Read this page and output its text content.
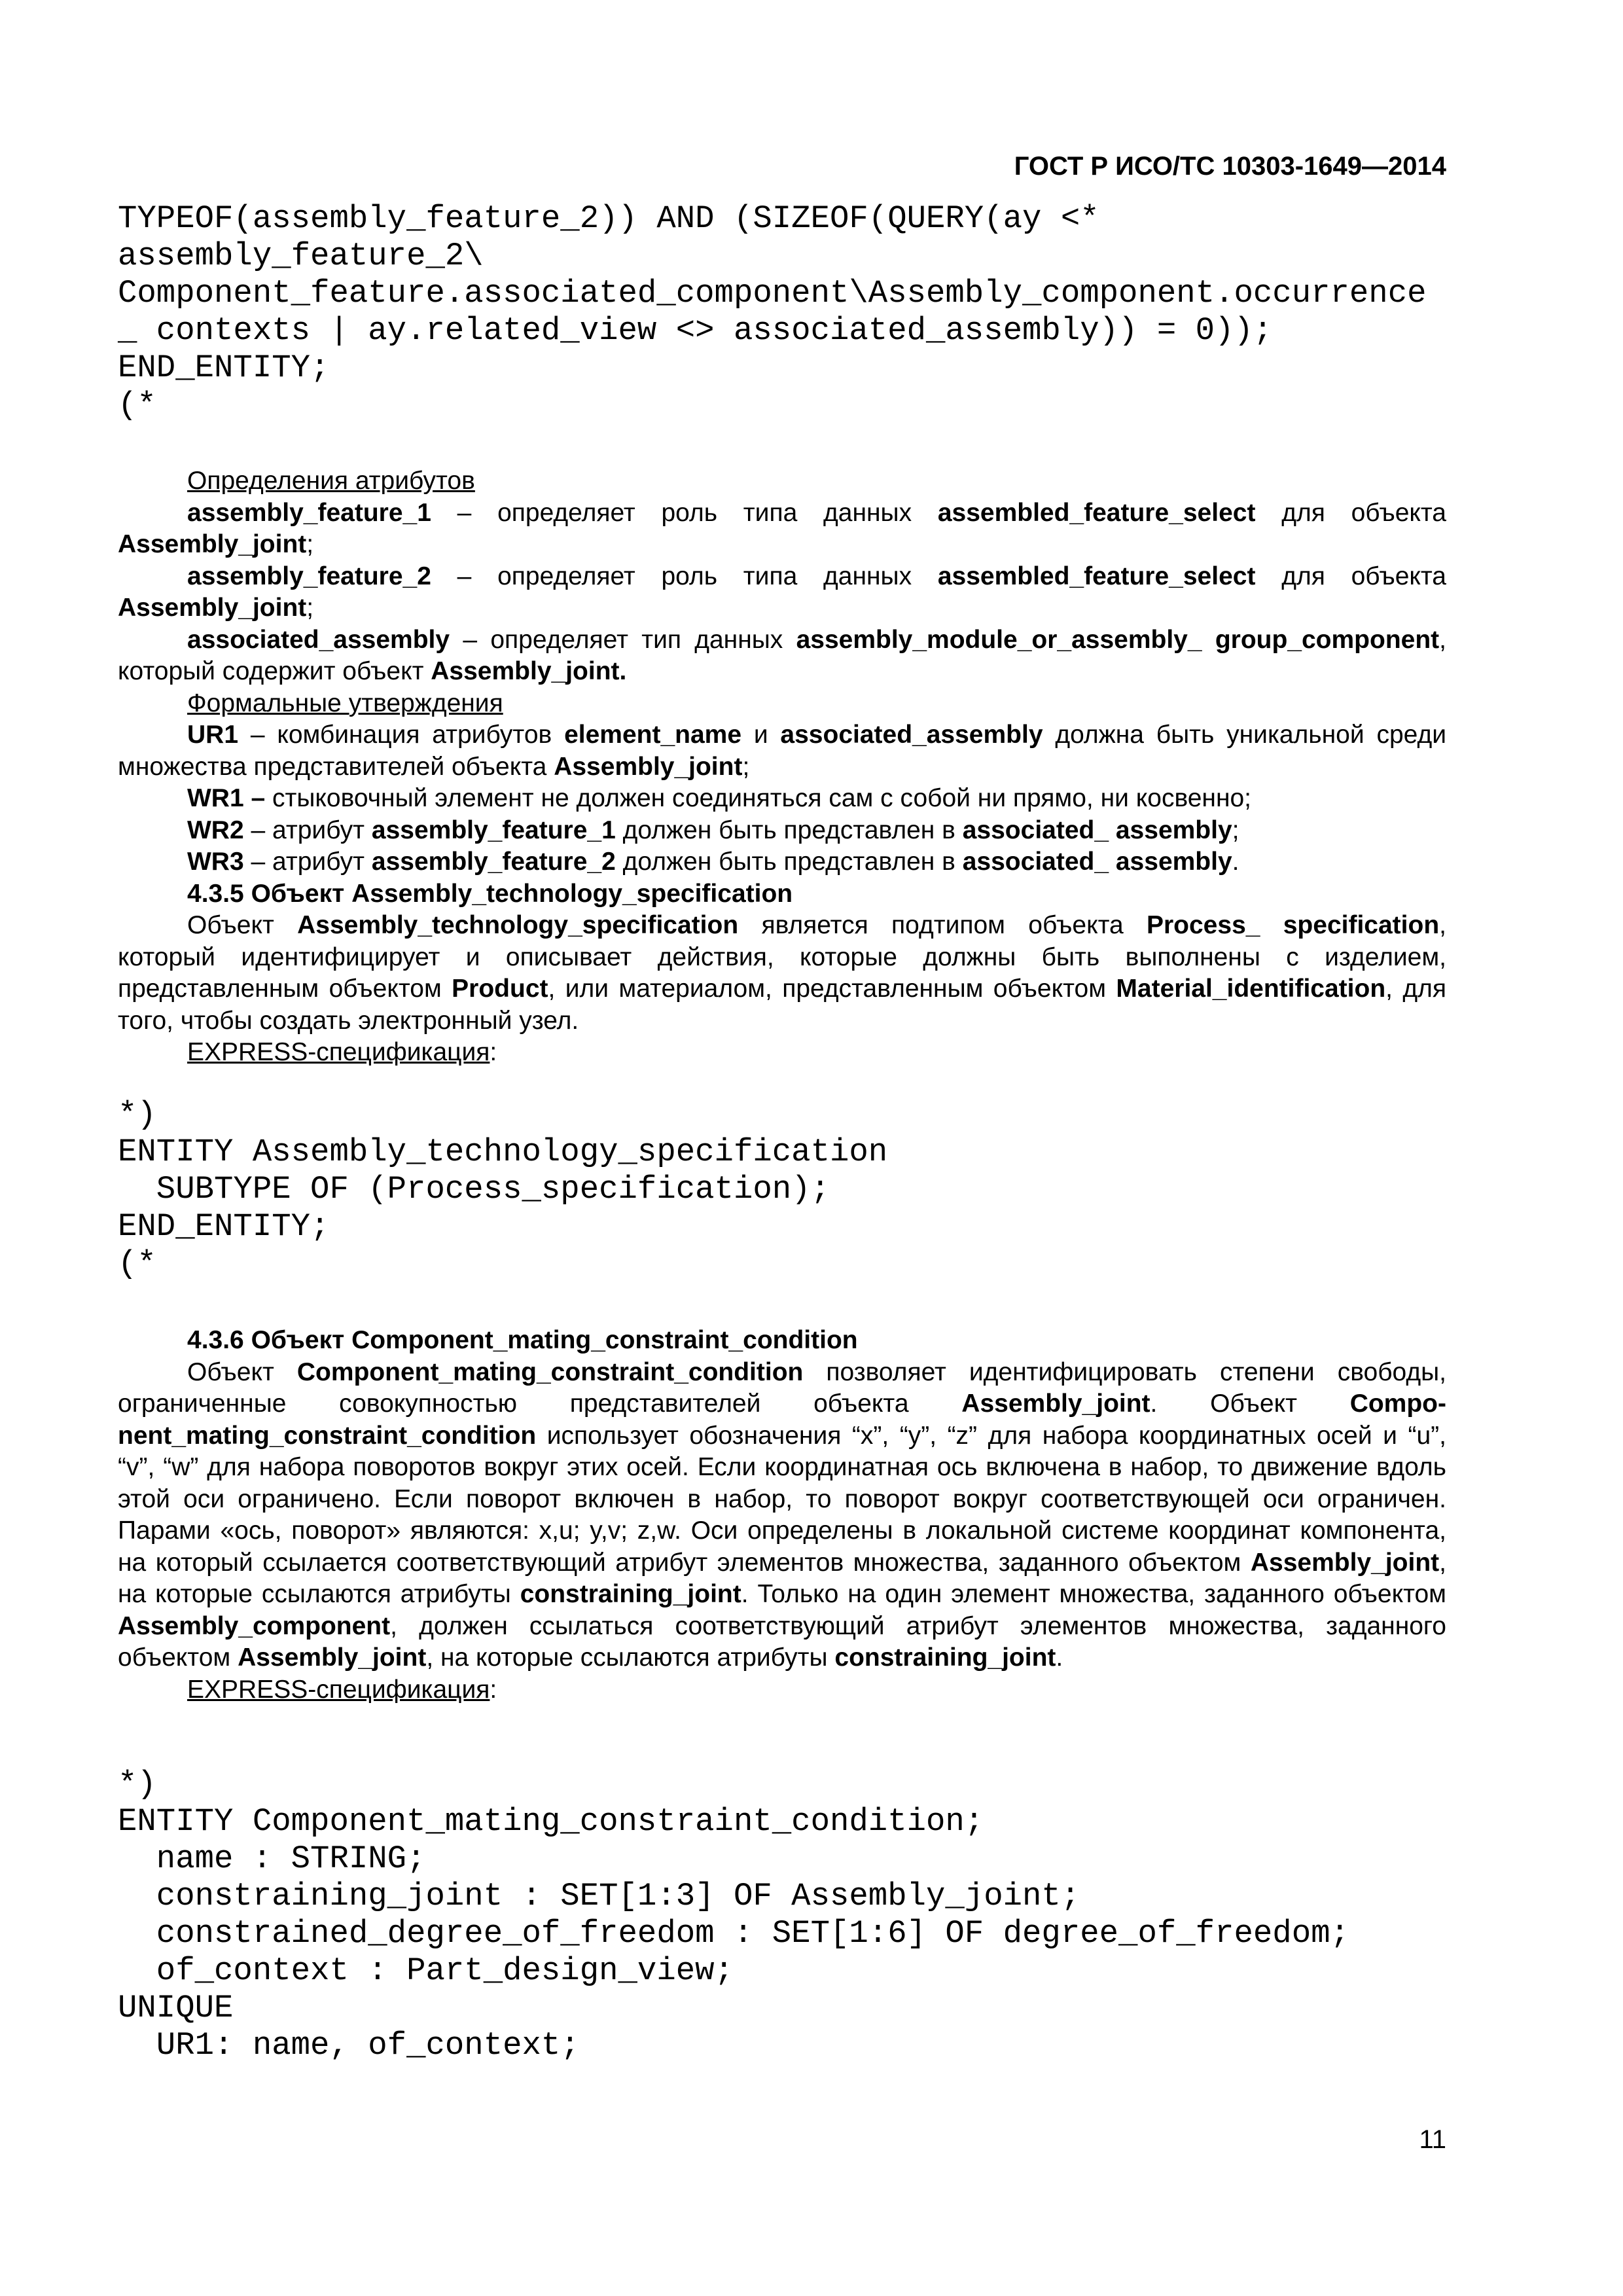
ГОСТ Р ИСО/ТС 10303-1649—2014
TYPEOF(assembly_feature_2)) AND (SIZEOF(QUERY(ay <*
assembly_feature_2\
Component_feature.associated_component\Assembly_component.occurrence
_ contexts | ay.related_view <> associated_assembly)) = 0));
END_ENTITY;
(*

Определения атрибутов

assembly_feature_1 – определяет роль типа данных assembled_feature_select для объекта Assembly_joint;

assembly_feature_2 – определяет роль типа данных assembled_feature_select для объекта Assembly_joint;

associated_assembly – определяет тип данных assembly_module_or_assembly_ group_component, который содержит объект Assembly_joint.

Формальные утверждения

UR1 – комбинация атрибутов element_name и associated_assembly должна быть уникальной среди множества представителей объекта Assembly_joint;

WR1 – стыковочный элемент не должен соединяться сам с собой ни прямо, ни косвенно;

WR2 – атрибут assembly_feature_1 должен быть представлен в associated_ assembly;

WR3 – атрибут assembly_feature_2 должен быть представлен в associated_ assembly.

4.3.5 Объект Assembly_technology_specification

Объект Assembly_technology_specification является подтипом объекта Process_ specification, который идентифицирует и описывает действия, которые должны быть выполнены с изделием, представленным объектом Product, или материалом, представленным объектом Material_identification, для того, чтобы создать электронный узел.

EXPRESS-спецификация:

*)
ENTITY Assembly_technology_specification
SUBTYPE OF (Process_specification);
END_ENTITY;
(*

4.3.6 Объект Component_mating_constraint_condition

Объект Component_mating_constraint_condition позволяет идентифицировать степени свободы, ограниченные совокупностью представителей объекта Assembly_joint. Объект Component_mating_constraint_condition использует обозначения “x”, “y”, “z” для набора координатных осей и “u”, “v”, “w” для набора поворотов вокруг этих осей. Если координатная ось включена в набор, то движение вдоль этой оси ограничено. Если поворот включен в набор, то поворот вокруг соответствующей оси ограничен. Парами «ось, поворот» являются: x,u; y,v; z,w. Оси определены в локальной системе координат компонента, на который ссылается соответствующий атрибут элементов множества, заданного объектом Assembly_joint, на которые ссылаются атрибуты constraining_joint. Только на один элемент множества, заданного объектом Assembly_component, должен ссылаться соответствующий атрибут элементов множества, заданного объектом Assembly_joint, на которые ссылаются атрибуты constraining_joint.

EXPRESS-спецификация:

*)
ENTITY Component_mating_constraint_condition;
name : STRING;
constraining_joint : SET[1:3] OF Assembly_joint;
constrained_degree_of_freedom : SET[1:6] OF degree_of_freedom;
of_context : Part_design_view;
UNIQUE
UR1: name, of_context;
11
